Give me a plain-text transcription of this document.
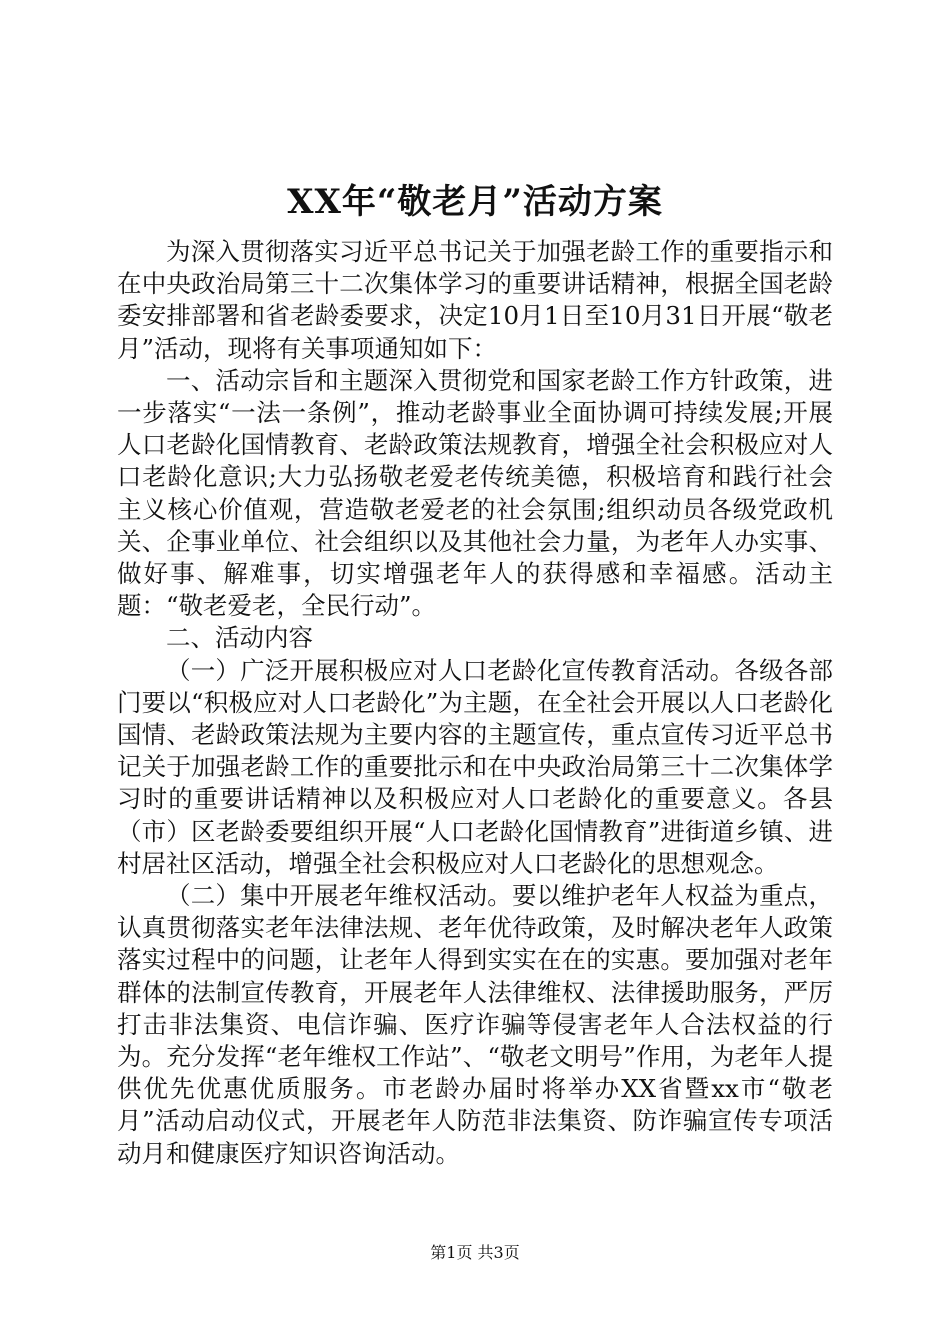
XX年“敬老月”活动方案

为深入贯彻落实习近平总书记关于加强老龄工作的重要指示和在中央政治局第三十二次集体学习的重要讲话精神，根据全国老龄委安排部署和省老龄委要求，决定10月1日至10月31日开展“敬老月”活动，现将有关事项通知如下：

一、活动宗旨和主题深入贯彻党和国家老龄工作方针政策，进一步落实“一法一条例”，推动老龄事业全面协调可持续发展;开展人口老龄化国情教育、老龄政策法规教育，增强全社会积极应对人口老龄化意识;大力弘扬敬老爱老传统美德，积极培育和践行社会主义核心价值观，营造敬老爱老的社会氛围;组织动员各级党政机关、企事业单位、社会组织以及其他社会力量，为老年人办实事、做好事、解难事，切实增强老年人的获得感和幸福感。活动主题：“敬老爱老，全民行动”。

二、活动内容

（一）广泛开展积极应对人口老龄化宣传教育活动。各级各部门要以“积极应对人口老龄化”为主题，在全社会开展以人口老龄化国情、老龄政策法规为主要内容的主题宣传，重点宣传习近平总书记关于加强老龄工作的重要批示和在中央政治局第三十二次集体学习时的重要讲话精神以及积极应对人口老龄化的重要意义。各县（市）区老龄委要组织开展“人口老龄化国情教育”进街道乡镇、进村居社区活动，增强全社会积极应对人口老龄化的思想观念。

（二）集中开展老年维权活动。要以维护老年人权益为重点，认真贯彻落实老年法律法规、老年优待政策，及时解决老年人政策落实过程中的问题，让老年人得到实实在在的实惠。要加强对老年群体的法制宣传教育，开展老年人法律维权、法律援助服务，严厉打击非法集资、电信诈骗、医疗诈骗等侵害老年人合法权益的行为。充分发挥“老年维权工作站”、“敬老文明号”作用，为老年人提供优先优惠优质服务。市老龄办届时将举办XX省暨xx市“敬老月”活动启动仪式，开展老年人防范非法集资、防诈骗宣传专项活动月和健康医疗知识咨询活动。

第1页 共3页
